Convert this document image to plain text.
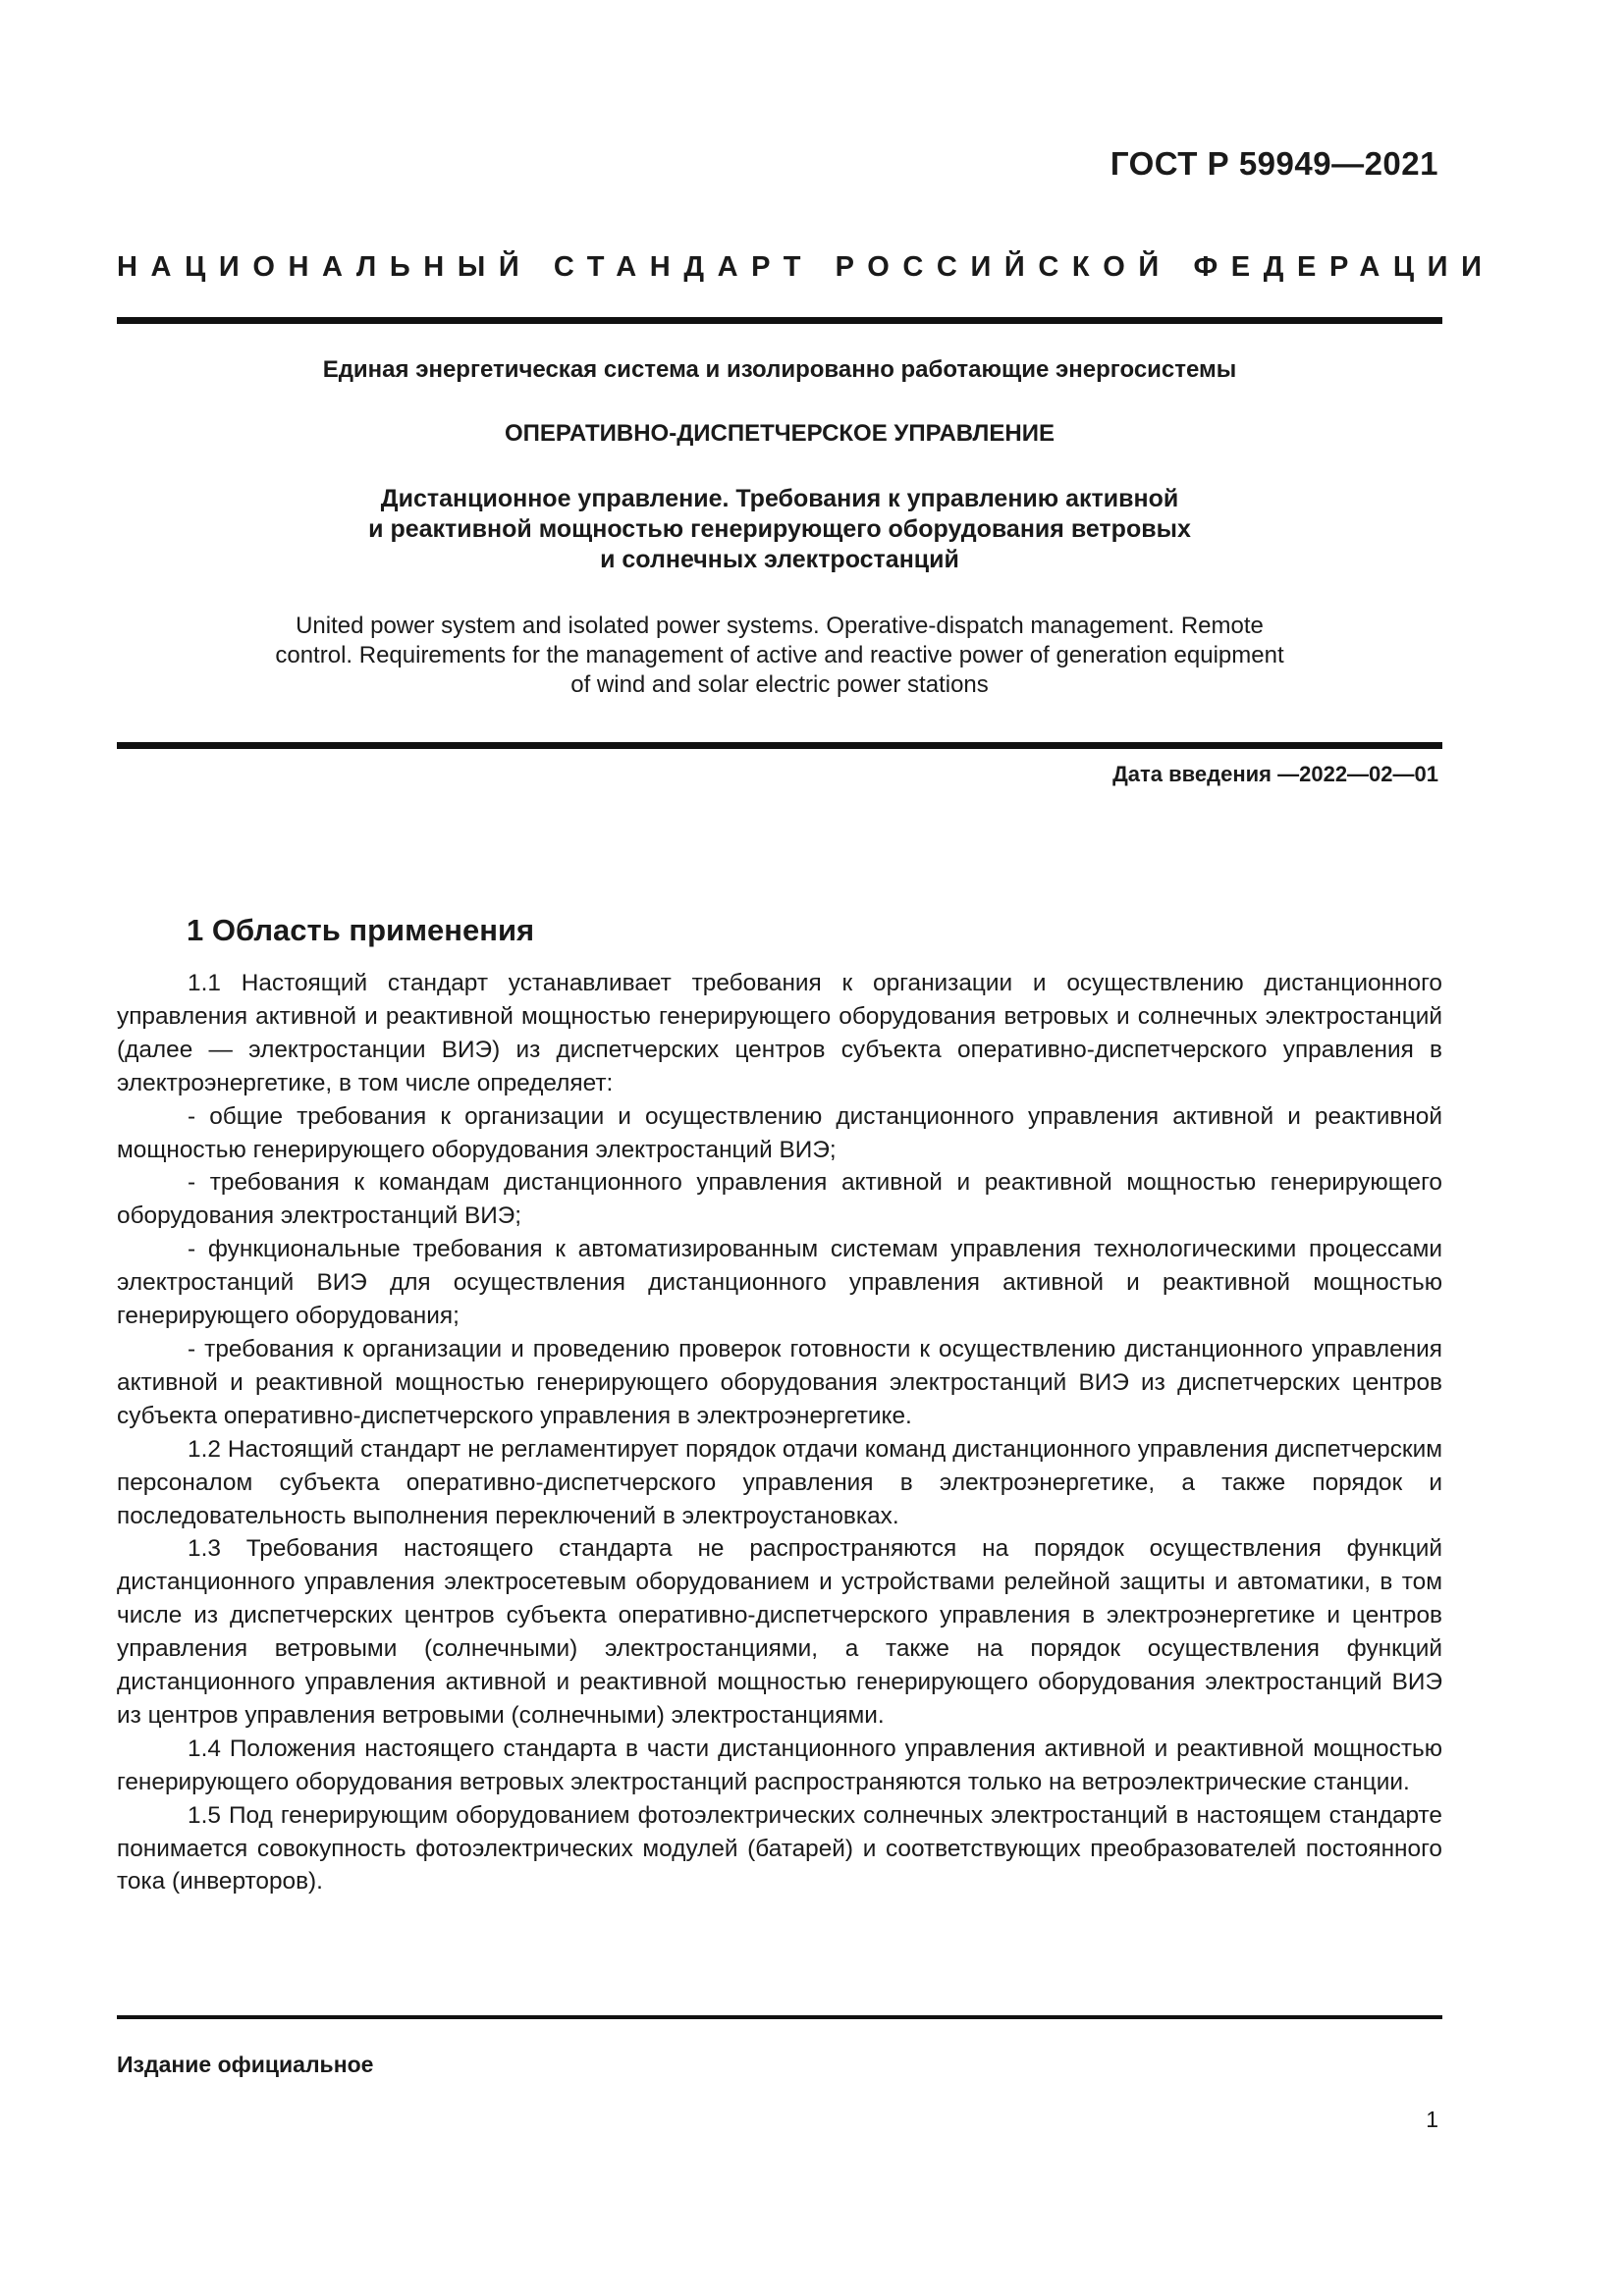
ГОСТ Р 59949—2021
НАЦИОНАЛЬНЫЙ СТАНДАРТ РОССИЙСКОЙ ФЕДЕРАЦИИ
Единая энергетическая система и изолированно работающие энергосистемы
ОПЕРАТИВНО-ДИСПЕТЧЕРСКОЕ УПРАВЛЕНИЕ
Дистанционное управление. Требования к управлению активной
и реактивной мощностью генерирующего оборудования ветровых
и солнечных электростанций
United power system and isolated power systems. Operative-dispatch management. Remote
control. Requirements for the management of active and reactive power of generation equipment
of wind and solar electric power stations
Дата введения —2022—02—01
1 Область применения

1.1 Настоящий стандарт устанавливает требования к организации и осуществлению дистанционного управления активной и реактивной мощностью генерирующего оборудования ветровых и солнечных электростанций (далее — электростанции ВИЭ) из диспетчерских центров субъекта оперативно-диспетчерского управления в электроэнергетике, в том числе определяет:

- общие требования к организации и осуществлению дистанционного управления активной и реактивной мощностью генерирующего оборудования электростанций ВИЭ;

- требования к командам дистанционного управления активной и реактивной мощностью генерирующего оборудования электростанций ВИЭ;

- функциональные требования к автоматизированным системам управления технологическими процессами электростанций ВИЭ для осуществления дистанционного управления активной и реактивной мощностью генерирующего оборудования;

- требования к организации и проведению проверок готовности к осуществлению дистанционного управления активной и реактивной мощностью генерирующего оборудования электростанций ВИЭ из диспетчерских центров субъекта оперативно-диспетчерского управления в электроэнергетике.

1.2 Настоящий стандарт не регламентирует порядок отдачи команд дистанционного управления диспетчерским персоналом субъекта оперативно-диспетчерского управления в электроэнергетике, а также порядок и последовательность выполнения переключений в электроустановках.

1.3 Требования настоящего стандарта не распространяются на порядок осуществления функций дистанционного управления электросетевым оборудованием и устройствами релейной защиты и автоматики, в том числе из диспетчерских центров субъекта оперативно-диспетчерского управления в электроэнергетике и центров управления ветровыми (солнечными) электростанциями, а также на порядок осуществления функций дистанционного управления активной и реактивной мощностью генерирующего оборудования электростанций ВИЭ из центров управления ветровыми (солнечными) электростанциями.

1.4 Положения настоящего стандарта в части дистанционного управления активной и реактивной мощностью генерирующего оборудования ветровых электростанций распространяются только на ветроэлектрические станции.

1.5 Под генерирующим оборудованием фотоэлектрических солнечных электростанций в настоящем стандарте понимается совокупность фотоэлектрических модулей (батарей) и соответствующих преобразователей постоянного тока (инверторов).

Издание официальное
1
